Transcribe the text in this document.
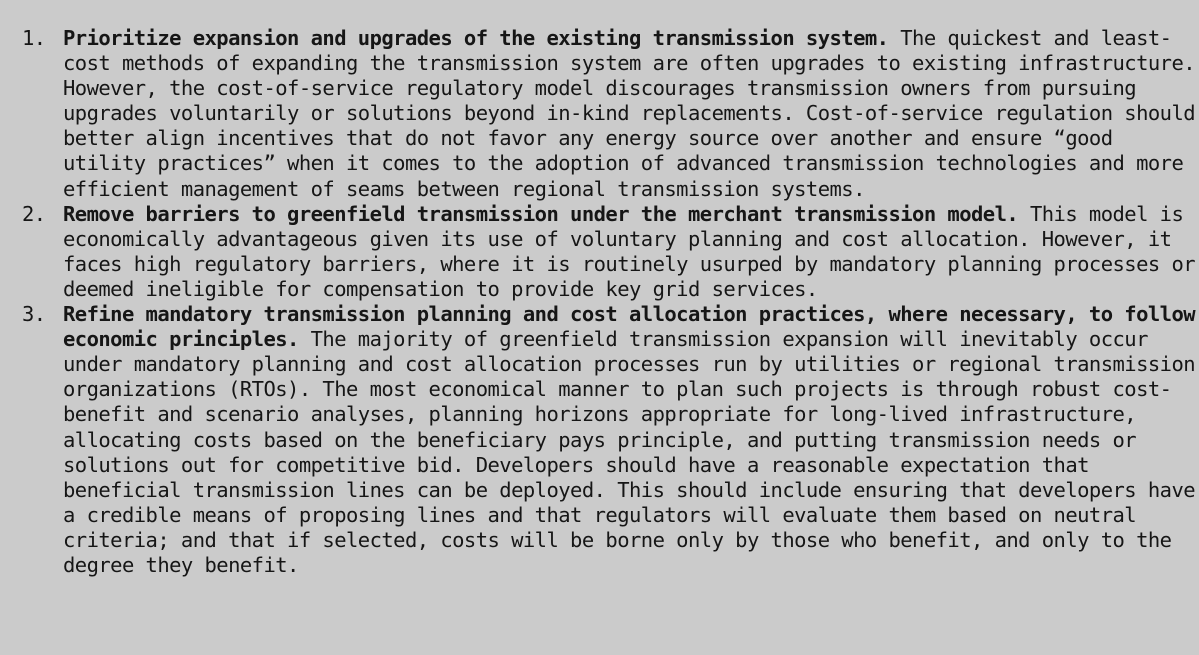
1. Prioritize expansion and upgrades of the existing transmission system. The quickest and least-cost methods of expanding the transmission system are often upgrades to existing infrastructure. However, the cost-of-service regulatory model discourages transmission owners from pursuing upgrades voluntarily or solutions beyond in-kind replacements. Cost-of-service regulation should better align incentives that do not favor any energy source over another and ensure “good utility practices” when it comes to the adoption of advanced transmission technologies and more efficient management of seams between regional transmission systems.
2. Remove barriers to greenfield transmission under the merchant transmission model. This model is economically advantageous given its use of voluntary planning and cost allocation. However, it faces high regulatory barriers, where it is routinely usurped by mandatory planning processes or deemed ineligible for compensation to provide key grid services.
3. Refine mandatory transmission planning and cost allocation practices, where necessary, to follow economic principles. The majority of greenfield transmission expansion will inevitably occur under mandatory planning and cost allocation processes run by utilities or regional transmission organizations (RTOs). The most economical manner to plan such projects is through robust cost-benefit and scenario analyses, planning horizons appropriate for long-lived infrastructure, allocating costs based on the beneficiary pays principle, and putting transmission needs or solutions out for competitive bid. Developers should have a reasonable expectation that beneficial transmission lines can be deployed. This should include ensuring that developers have a credible means of proposing lines and that regulators will evaluate them based on neutral criteria; and that if selected, costs will be borne only by those who benefit, and only to the degree they benefit.
